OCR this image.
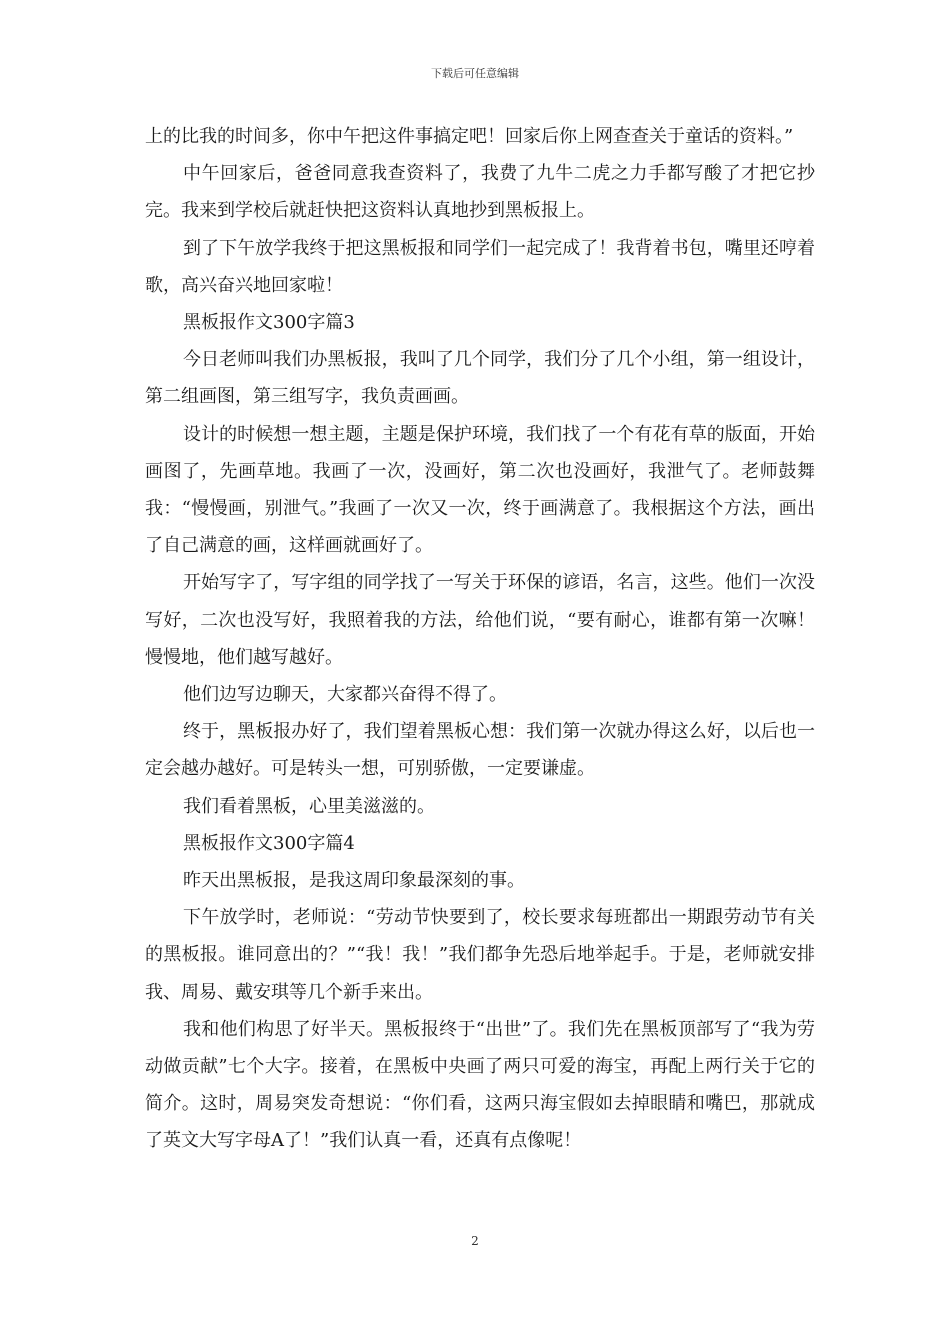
下载后可任意编辑

上的比我的时间多，你中午把这件事搞定吧！回家后你上网查查关于童话的资料。”

中午回家后，爸爸同意我查资料了，我费了九牛二虎之力手都写酸了才把它抄完。我来到学校后就赶快把这资料认真地抄到黑板报上。

到了下午放学我终于把这黑板报和同学们一起完成了！我背着书包，嘴里还哼着歌，高兴奋兴地回家啦！

黑板报作文300字篇3

今日老师叫我们办黑板报，我叫了几个同学，我们分了几个小组，第一组设计，第二组画图，第三组写字，我负责画画。

设计的时候想一想主题，主题是保护环境，我们找了一个有花有草的版面，开始画图了，先画草地。我画了一次，没画好，第二次也没画好，我泄气了。老师鼓舞我：“慢慢画，别泄气。”我画了一次又一次，终于画满意了。我根据这个方法，画出了自己满意的画，这样画就画好了。

开始写字了，写字组的同学找了一写关于环保的谚语，名言，这些。他们一次没写好，二次也没写好，我照着我的方法，给他们说，“要有耐心，谁都有第一次嘛！慢慢地，他们越写越好。

他们边写边聊天，大家都兴奋得不得了。

终于，黑板报办好了，我们望着黑板心想：我们第一次就办得这么好，以后也一定会越办越好。可是转头一想，可别骄傲，一定要谦虚。

我们看着黑板，心里美滋滋的。

黑板报作文300字篇4

昨天出黑板报，是我这周印象最深刻的事。

下午放学时，老师说：“劳动节快要到了，校长要求每班都出一期跟劳动节有关的黑板报。谁同意出的？”“我！我！”我们都争先恐后地举起手。于是，老师就安排我、周易、戴安琪等几个新手来出。

我和他们构思了好半天。黑板报终于“出世”了。我们先在黑板顶部写了“我为劳动做贡献”七个大字。接着，在黑板中央画了两只可爱的海宝，再配上两行关于它的简介。这时，周易突发奇想说：“你们看，这两只海宝假如去掉眼睛和嘴巴，那就成了英文大写字母A了！”我们认真一看，还真有点像呢！

2
